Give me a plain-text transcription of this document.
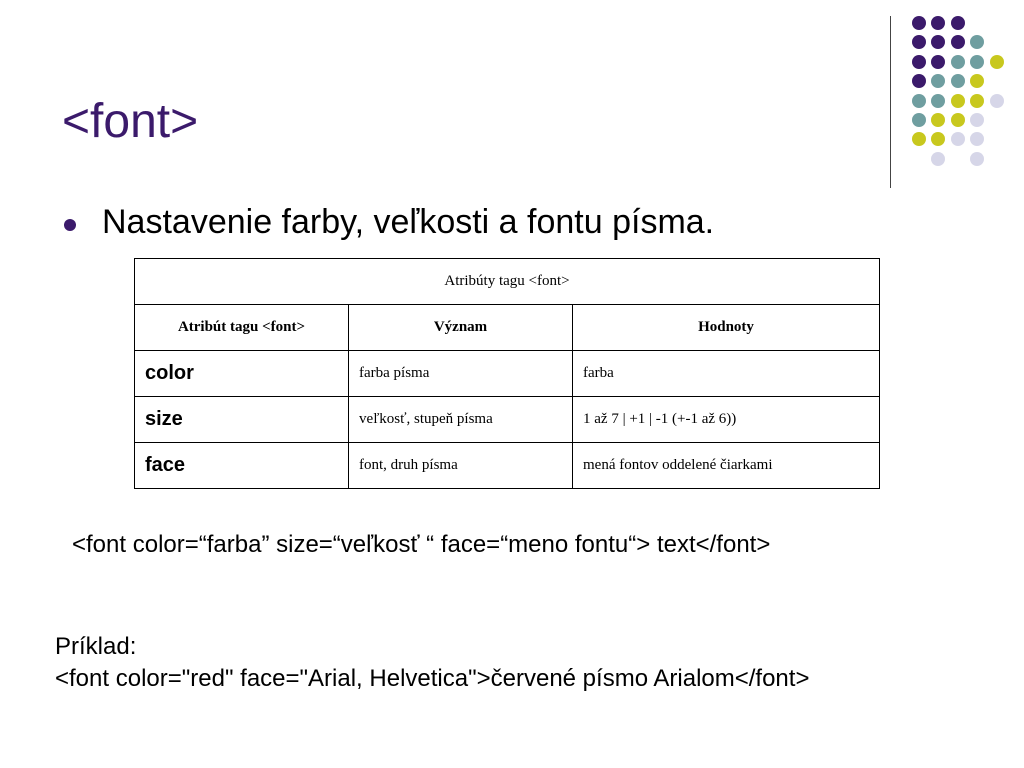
<font>
Nastavenie farby, veľkosti a fontu písma.
Atribúty tagu <font>		
Atribút tagu <font>	Význam	Hodnoty
color	farba písma	farba
size	veľkosť, stupeň písma	1 až 7 | +1 | -1 (+-1 až 6))
face	font, druh písma	mená fontov oddelené čiarkami
<font color=“farba” size=“veľkosť “ face=“meno fontu“> text</font>
Príklad:
<font color="red" face="Arial, Helvetica">červené písmo Arialom</font>
